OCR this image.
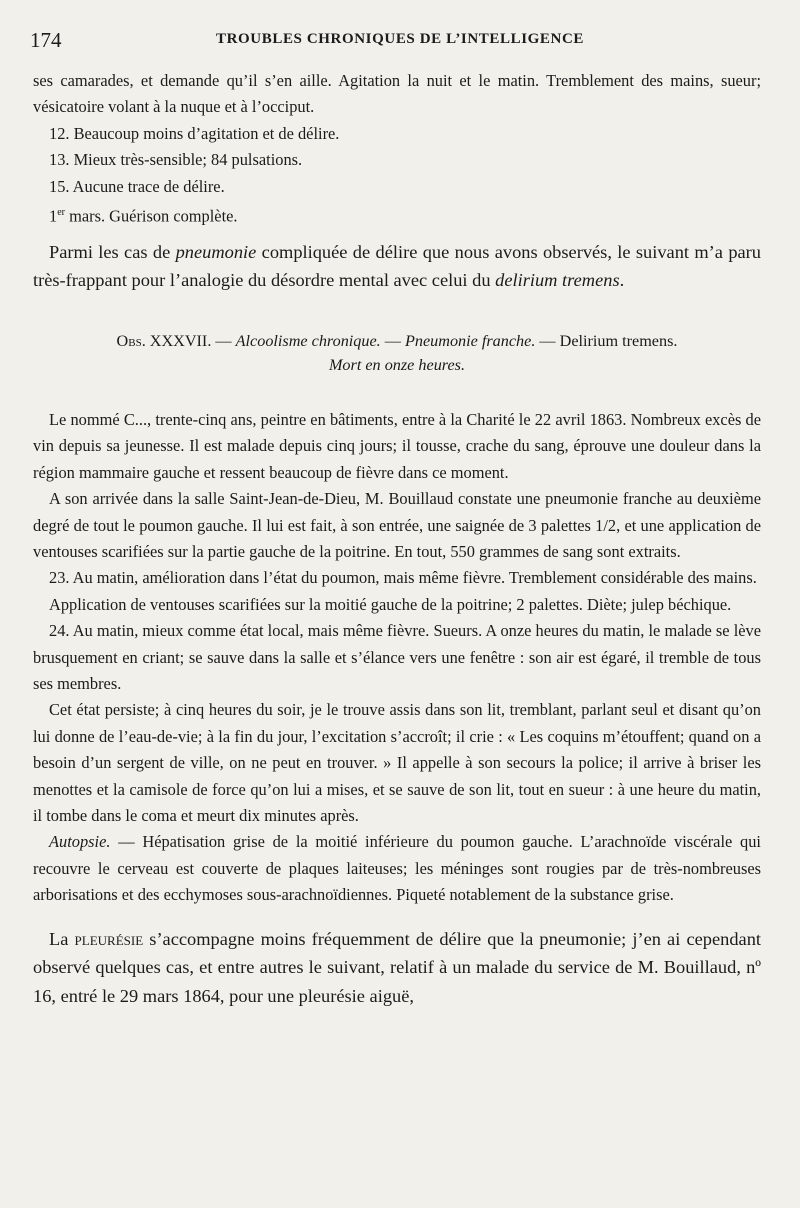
174	TROUBLES CHRONIQUES DE L’INTELLIGENCE

ses camarades, et demande qu’il s’en aille. Agitation la nuit et le matin. Tremblement des mains, sueur; vésicatoire volant à la nuque et à l’occiput.

12. Beaucoup moins d’agitation et de délire.

13. Mieux très-sensible; 84 pulsations.

15. Aucune trace de délire.

1er mars. Guérison complète.

Parmi les cas de pneumonie compliquée de délire que nous avons observés, le suivant m’a paru très-frappant pour l’analogie du désordre mental avec celui du delirium tremens.

Obs. XXXVII. — Alcoolisme chronique. — Pneumonie franche. — Delirium tremens.
Mort en onze heures.

Le nommé C..., trente-cinq ans, peintre en bâtiments, entre à la Charité le 22 avril 1863. Nombreux excès de vin depuis sa jeunesse. Il est malade depuis cinq jours; il tousse, crache du sang, éprouve une douleur dans la région mammaire gauche et ressent beaucoup de fièvre dans ce moment.

A son arrivée dans la salle Saint-Jean-de-Dieu, M. Bouillaud constate une pneumonie franche au deuxième degré de tout le poumon gauche. Il lui est fait, à son entrée, une saignée de 3 palettes 1/2, et une application de ventouses scarifiées sur la partie gauche de la poitrine. En tout, 550 grammes de sang sont extraits.

23. Au matin, amélioration dans l’état du poumon, mais même fièvre. Tremblement considérable des mains.

Application de ventouses scarifiées sur la moitié gauche de la poitrine; 2 palettes. Diète; julep béchique.

24. Au matin, mieux comme état local, mais même fièvre. Sueurs. A onze heures du matin, le malade se lève brusquement en criant; se sauve dans la salle et s’élance vers une fenêtre : son air est égaré, il tremble de tous ses membres.

Cet état persiste; à cinq heures du soir, je le trouve assis dans son lit, tremblant, parlant seul et disant qu’on lui donne de l’eau-de-vie; à la fin du jour, l’excitation s’accroît; il crie : « Les coquins m’étouffent; quand on a besoin d’un sergent de ville, on ne peut en trouver. » Il appelle à son secours la police; il arrive à briser les menottes et la camisole de force qu’on lui a mises, et se sauve de son lit, tout en sueur : à une heure du matin, il tombe dans le coma et meurt dix minutes après.

Autopsie. — Hépatisation grise de la moitié inférieure du poumon gauche. L’arachnoïde viscérale qui recouvre le cerveau est couverte de plaques laiteuses; les méninges sont rougies par de très-nombreuses arborisations et des ecchymoses sous-arachnoïdiennes. Piqueté notablement de la substance grise.

La pleurésie s’accompagne moins fréquemment de délire que la pneumonie; j’en ai cependant observé quelques cas, et entre autres le suivant, relatif à un malade du service de M. Bouillaud, nº 16, entré le 29 mars 1864, pour une pleurésie aiguë,
